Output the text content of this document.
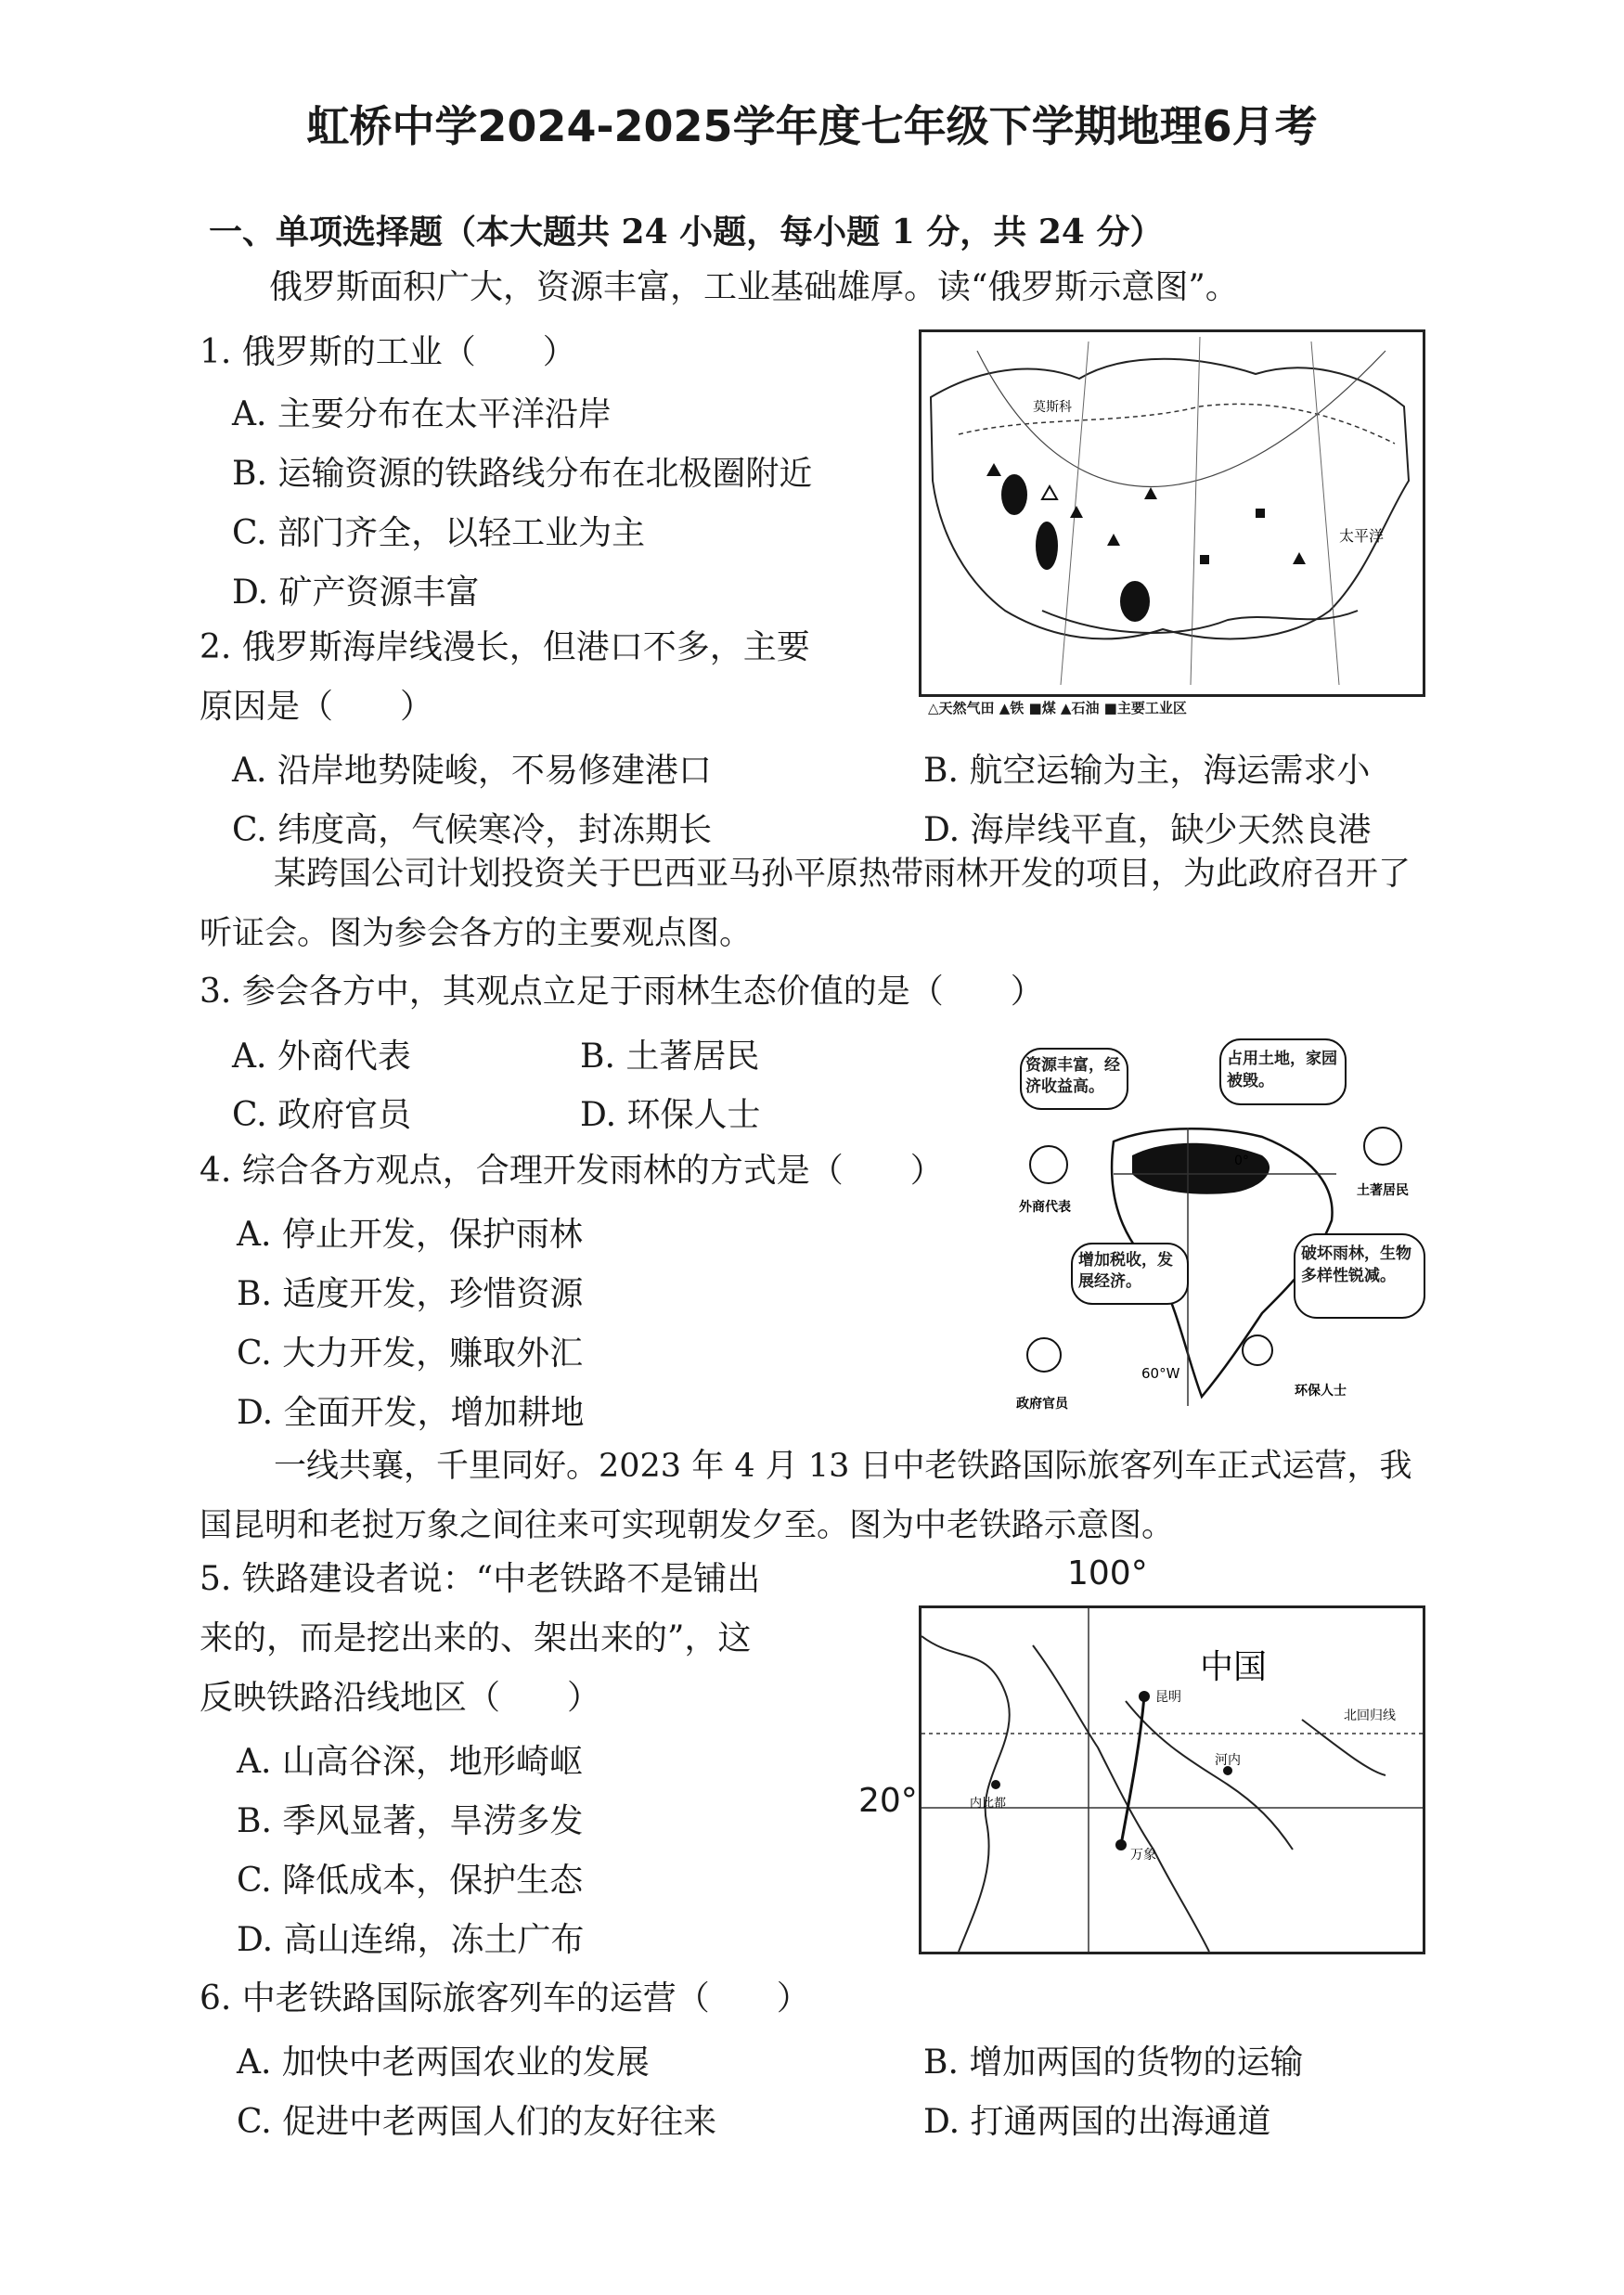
虹桥中学2024-2025学年度七年级下学期地理6月考
一、单项选择题（本大题共 24 小题，每小题 1 分，共 24 分）
俄罗斯面积广大，资源丰富，工业基础雄厚。读“俄罗斯示意图”。
1. 俄罗斯的工业（　　）
A. 主要分布在太平洋沿岸
B. 运输资源的铁路线分布在北极圈附近
C. 部门齐全，以轻工业为主
D. 矿产资源丰富
2. 俄罗斯海岸线漫长，但港口不多，主要
原因是（　　）
A. 沿岸地势陡峻，不易修建港口	B. 航空运输为主，海运需求小
C. 纬度高，气候寒冷，封冻期长	D. 海岸线平直，缺少天然良港
莫斯科
太平洋
△天然气田 ▲铁 ■煤 ▲石油 ■主要工业区
某跨国公司计划投资关于巴西亚马孙平原热带雨林开发的项目，为此政府召开了听证会。图为参会各方的主要观点图。
3. 参会各方中，其观点立足于雨林生态价值的是（　　）
A. 外商代表	B. 土著居民
C. 政府官员	D. 环保人士
4. 综合各方观点，合理开发雨林的方式是（　　）
A. 停止开发，保护雨林
B. 适度开发，珍惜资源
C. 大力开发，赚取外汇
D. 全面开发，增加耕地
0°
60°W
资源丰富，经济收益高。
占用土地，家园被毁。
增加税收，发展经济。
破坏雨林，生物多样性锐减。
外商代表
土著居民
政府官员
环保人士
一线共襄，千里同好。2023 年 4 月 13 日中老铁路国际旅客列车正式运营，我国昆明和老挝万象之间往来可实现朝发夕至。图为中老铁路示意图。
5. 铁路建设者说：“中老铁路不是铺出
来的，而是挖出来的、架出来的”，这
反映铁路沿线地区（　　）
A. 山高谷深，地形崎岖
B. 季风显著，旱涝多发
C. 降低成本，保护生态
D. 高山连绵，冻土广布
100°
20°
中国
北回归线
昆明
万象
河内
内比都
6. 中老铁路国际旅客列车的运营（　　）
A. 加快中老两国农业的发展	B. 增加两国的货物的运输
C. 促进中老两国人们的友好往来	D. 打通两国的出海通道
